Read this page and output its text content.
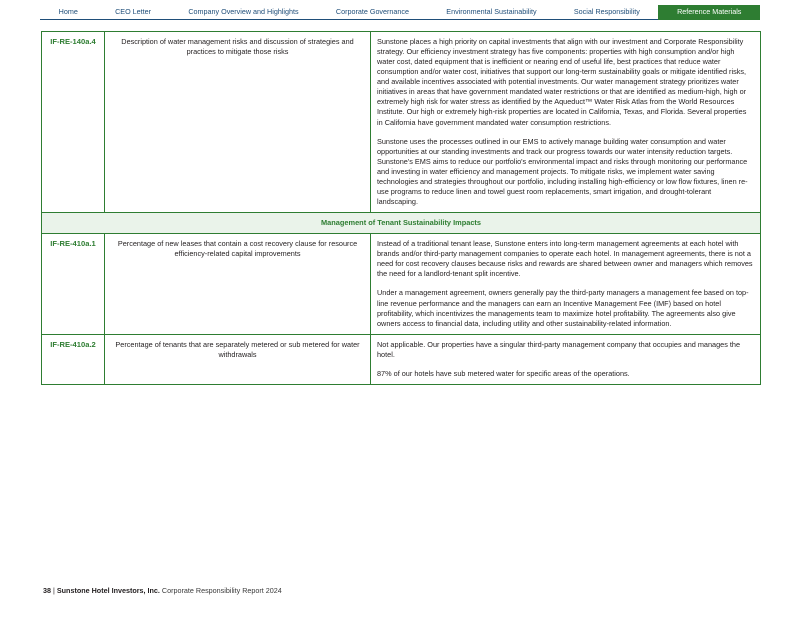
Home	CEO Letter	Company Overview and Highlights	Corporate Governance	Environmental Sustainability	Social Responsibility	Reference Materials
IF-RE-140a.4	Description of water management risks and discussion of strategies and practices to mitigate those risks	Sunstone places a high priority on capital investments that align with our investment and Corporate Responsibility strategy. Our efficiency investment strategy has five components: properties with high consumption and/or high water cost, dated equipment that is inefficient or nearing end of useful life, best practices that reduce water consumption and/or water cost, initiatives that support our long-term sustainability goals or mitigate identified risks, and available incentives associated with potential investments. Our water management strategy prioritizes water initiatives in areas that have government mandated water restrictions or that are identified as medium-high, high or extremely high risk for water stress as identified by the Aqueduct™ Water Risk Atlas from the World Resources Institute. Our high or extremely high-risk properties are located in California, Texas, and Florida. Several properties in California have government mandated water consumption restrictions.
Sunstone uses the processes outlined in our EMS to actively manage building water consumption and water opportunities at our standing investments and track our progress towards our water intensity reduction targets. Sunstone's EMS aims to reduce our portfolio's environmental impact and risks through monitoring our performance and investing in water efficiency and management projects. To mitigate risks, we implement water saving technologies and strategies throughout our portfolio, including installing high-efficiency or low flow fixtures, linen re-use programs to reduce linen and towel guest room replacements, smart irrigation, and drought-tolerant landscaping.

Management of Tenant Sustainability Impacts		
IF-RE-410a.1	Percentage of new leases that contain a cost recovery clause for resource efficiency-related capital improvements	Instead of a traditional tenant lease, Sunstone enters into long-term management agreements at each hotel with brands and/or third-party management companies to operate each hotel. In management agreements, there is not a need for cost recovery clauses because risks and rewards are shared between owner and managers which removes the need for a landlord-tenant split incentive.
Under a management agreement, owners generally pay the third-party managers a management fee based on top-line revenue performance and the managers can earn an Incentive Management Fee (IMF) based on hotel profitability, which incentivizes the managements team to maximize hotel profitability. The agreements also give owners access to financial data, including utility and other sustainability-related information.

IF-RE-410a.2	Percentage of tenants that are separately metered or sub metered for water withdrawals	Not applicable. Our properties have a singular third-party management company that occupies and manages the hotel.
87% of our hotels have sub metered water for specific areas of the operations.
38 | Sunstone Hotel Investors, Inc. Corporate Responsibility Report 2024
